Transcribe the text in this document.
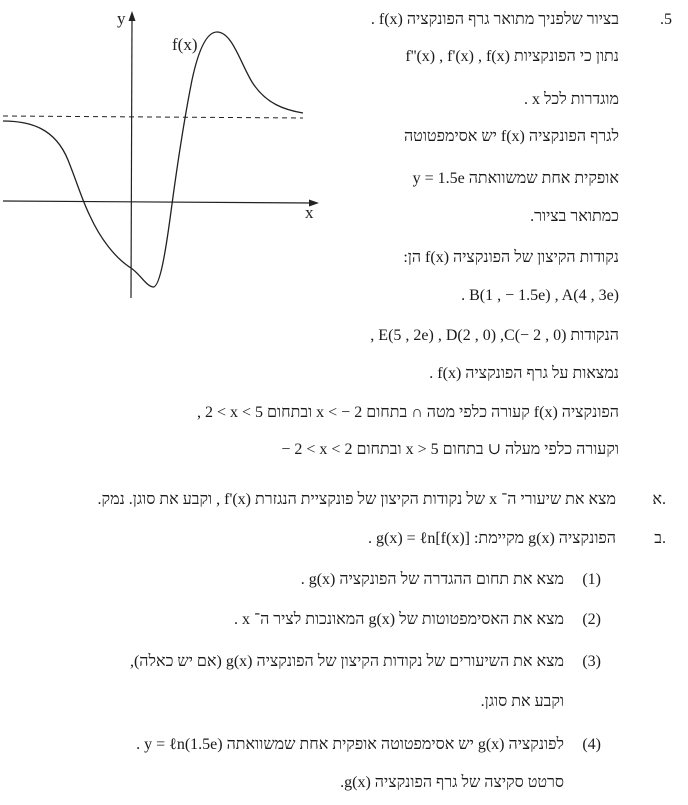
y
x
f(x)
.5
בציור שלפניך מתואר גרף הפונקציה . f(x)
נתון כי הפונקציות f''(x) , f'(x) , f(x)
מוגדרות לכל . x
לגרף הפונקציה f(x) יש אסימפטוטה
אופקית אחת שמשוואתה y = 1.5e
כמתואר בציור.
נקודות הקיצון של הפונקציה f(x) הן:
. B(1 , − 1.5e) , A(4 , 3e)
הנקודות , E(5 , 2e) , D(2 , 0) ,C(− 2 , 0)
נמצאות על גרף הפונקציה . f(x)
הפונקציה f(x) קעורה כלפי מטה ∩ בתחום x < − 2 ובתחום , 2 < x < 5
וקעורה כלפי מעלה ∪ בתחום x > 5 ובתחום − 2 < x < 2
א.
מצא את שיעורי ה־ x של נקודות הקיצון של פונקציית הנגזרת f'(x) , וקבע את סוגן. נמק.
ב.
הפונקציה g(x) מקיימת: . g(x) = ℓn[f(x)]
(1)
מצא את תחום ההגדרה של הפונקציה . g(x)
(2)
מצא את האסימפטוטות של g(x) המאונכות לציר ה־ . x
(3)
מצא את השיעורים של נקודות הקיצון של הפונקציה g(x) (אם יש כאלה),
וקבע את סוגן.
(4)
לפונקציה g(x) יש אסימפטוטה אופקית אחת שמשוואתה . y = ℓn(1.5e)
סרטט סקיצה של גרף הפונקציה .g(x)
